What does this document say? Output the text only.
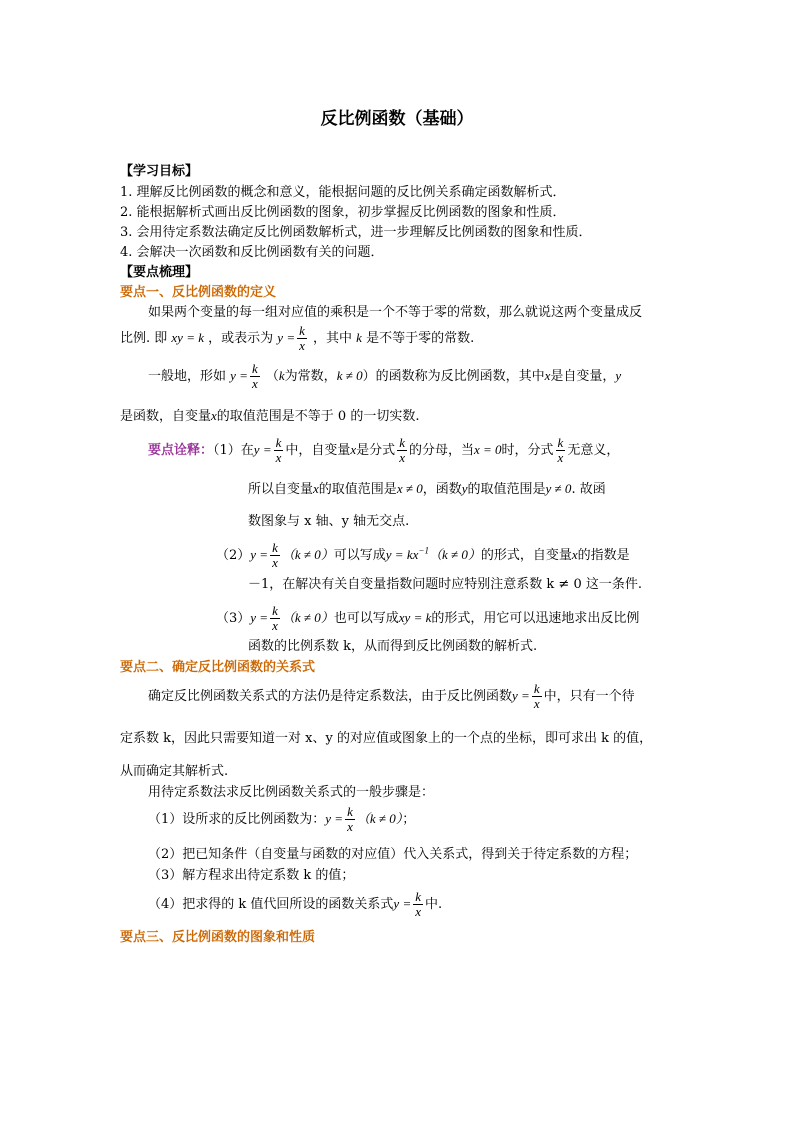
反比例函数（基础）
【学习目标】
1. 理解反比例函数的概念和意义，能根据问题的反比例关系确定函数解析式．
2. 能根据解析式画出反比例函数的图象，初步掌握反比例函数的图象和性质．
3. 会用待定系数法确定反比例函数解析式，进一步理解反比例函数的图象和性质．
4. 会解决一次函数和反比例函数有关的问题．
【要点梳理】
要点一、反比例函数的定义
如果两个变量的每一组对应值的乘积是一个不等于零的常数，那么就说这两个变量成反
比例. 即 xy = k ，或表示为 $y = \frac{k}{x}$ ，其中 k 是不等于零的常数.
一般地，形如 $y = \frac{k}{x} (k$为常数，k ≠ 0）的函数称为反比例函数，其中x是自变量，y
是函数，自变量x的取值范围是不等于 0 的一切实数.
要点诠释：（1）在$y = \frac{k}{x}$ 中，自变量x是分式 $\frac{k}{x}$ 的分母，当x = 0时，分式 $\frac{k}{x}$ 无意义，
所以自变量x的取值范围是x ≠ 0，函数y的取值范围是y ≠ 0. 故函
数图象与 x 轴、y 轴无交点.
$(2)y = \frac{k}{x} (k \ne 0)$可以写成$y = kx^{-1}(k \ne 0)$的形式，自变量x的指数是
－1，在解决有关自变量指数问题时应特别注意系数 k ≠ 0 这一条件.
$(3)y = \frac{k}{x} (k \ne 0)$也可以写成xy = k的形式，用它可以迅速地求出反比例
函数的比例系数 k，从而得到反比例函数的解析式.
要点二、确定反比例函数的关系式
确定反比例函数关系式的方法仍是待定系数法，由于反比例函数$y = \frac{k}{x}$ 中，只有一个待
定系数 k，因此只需要知道一对 x、y 的对应值或图象上的一个点的坐标，即可求出 k 的值，
从而确定其解析式.
用待定系数法求反比例函数关系式的一般步骤是：
（1）设所求的反比例函数为：$y = \frac{k}{x} (k \ne 0)$；
（2）把已知条件（自变量与函数的对应值）代入关系式，得到关于待定系数的方程；
（3）解方程求出待定系数 k 的值；
（4）把求得的 k 值代回所设的函数关系式$y = \frac{k}{x}$ 中.
要点三、反比例函数的图象和性质
